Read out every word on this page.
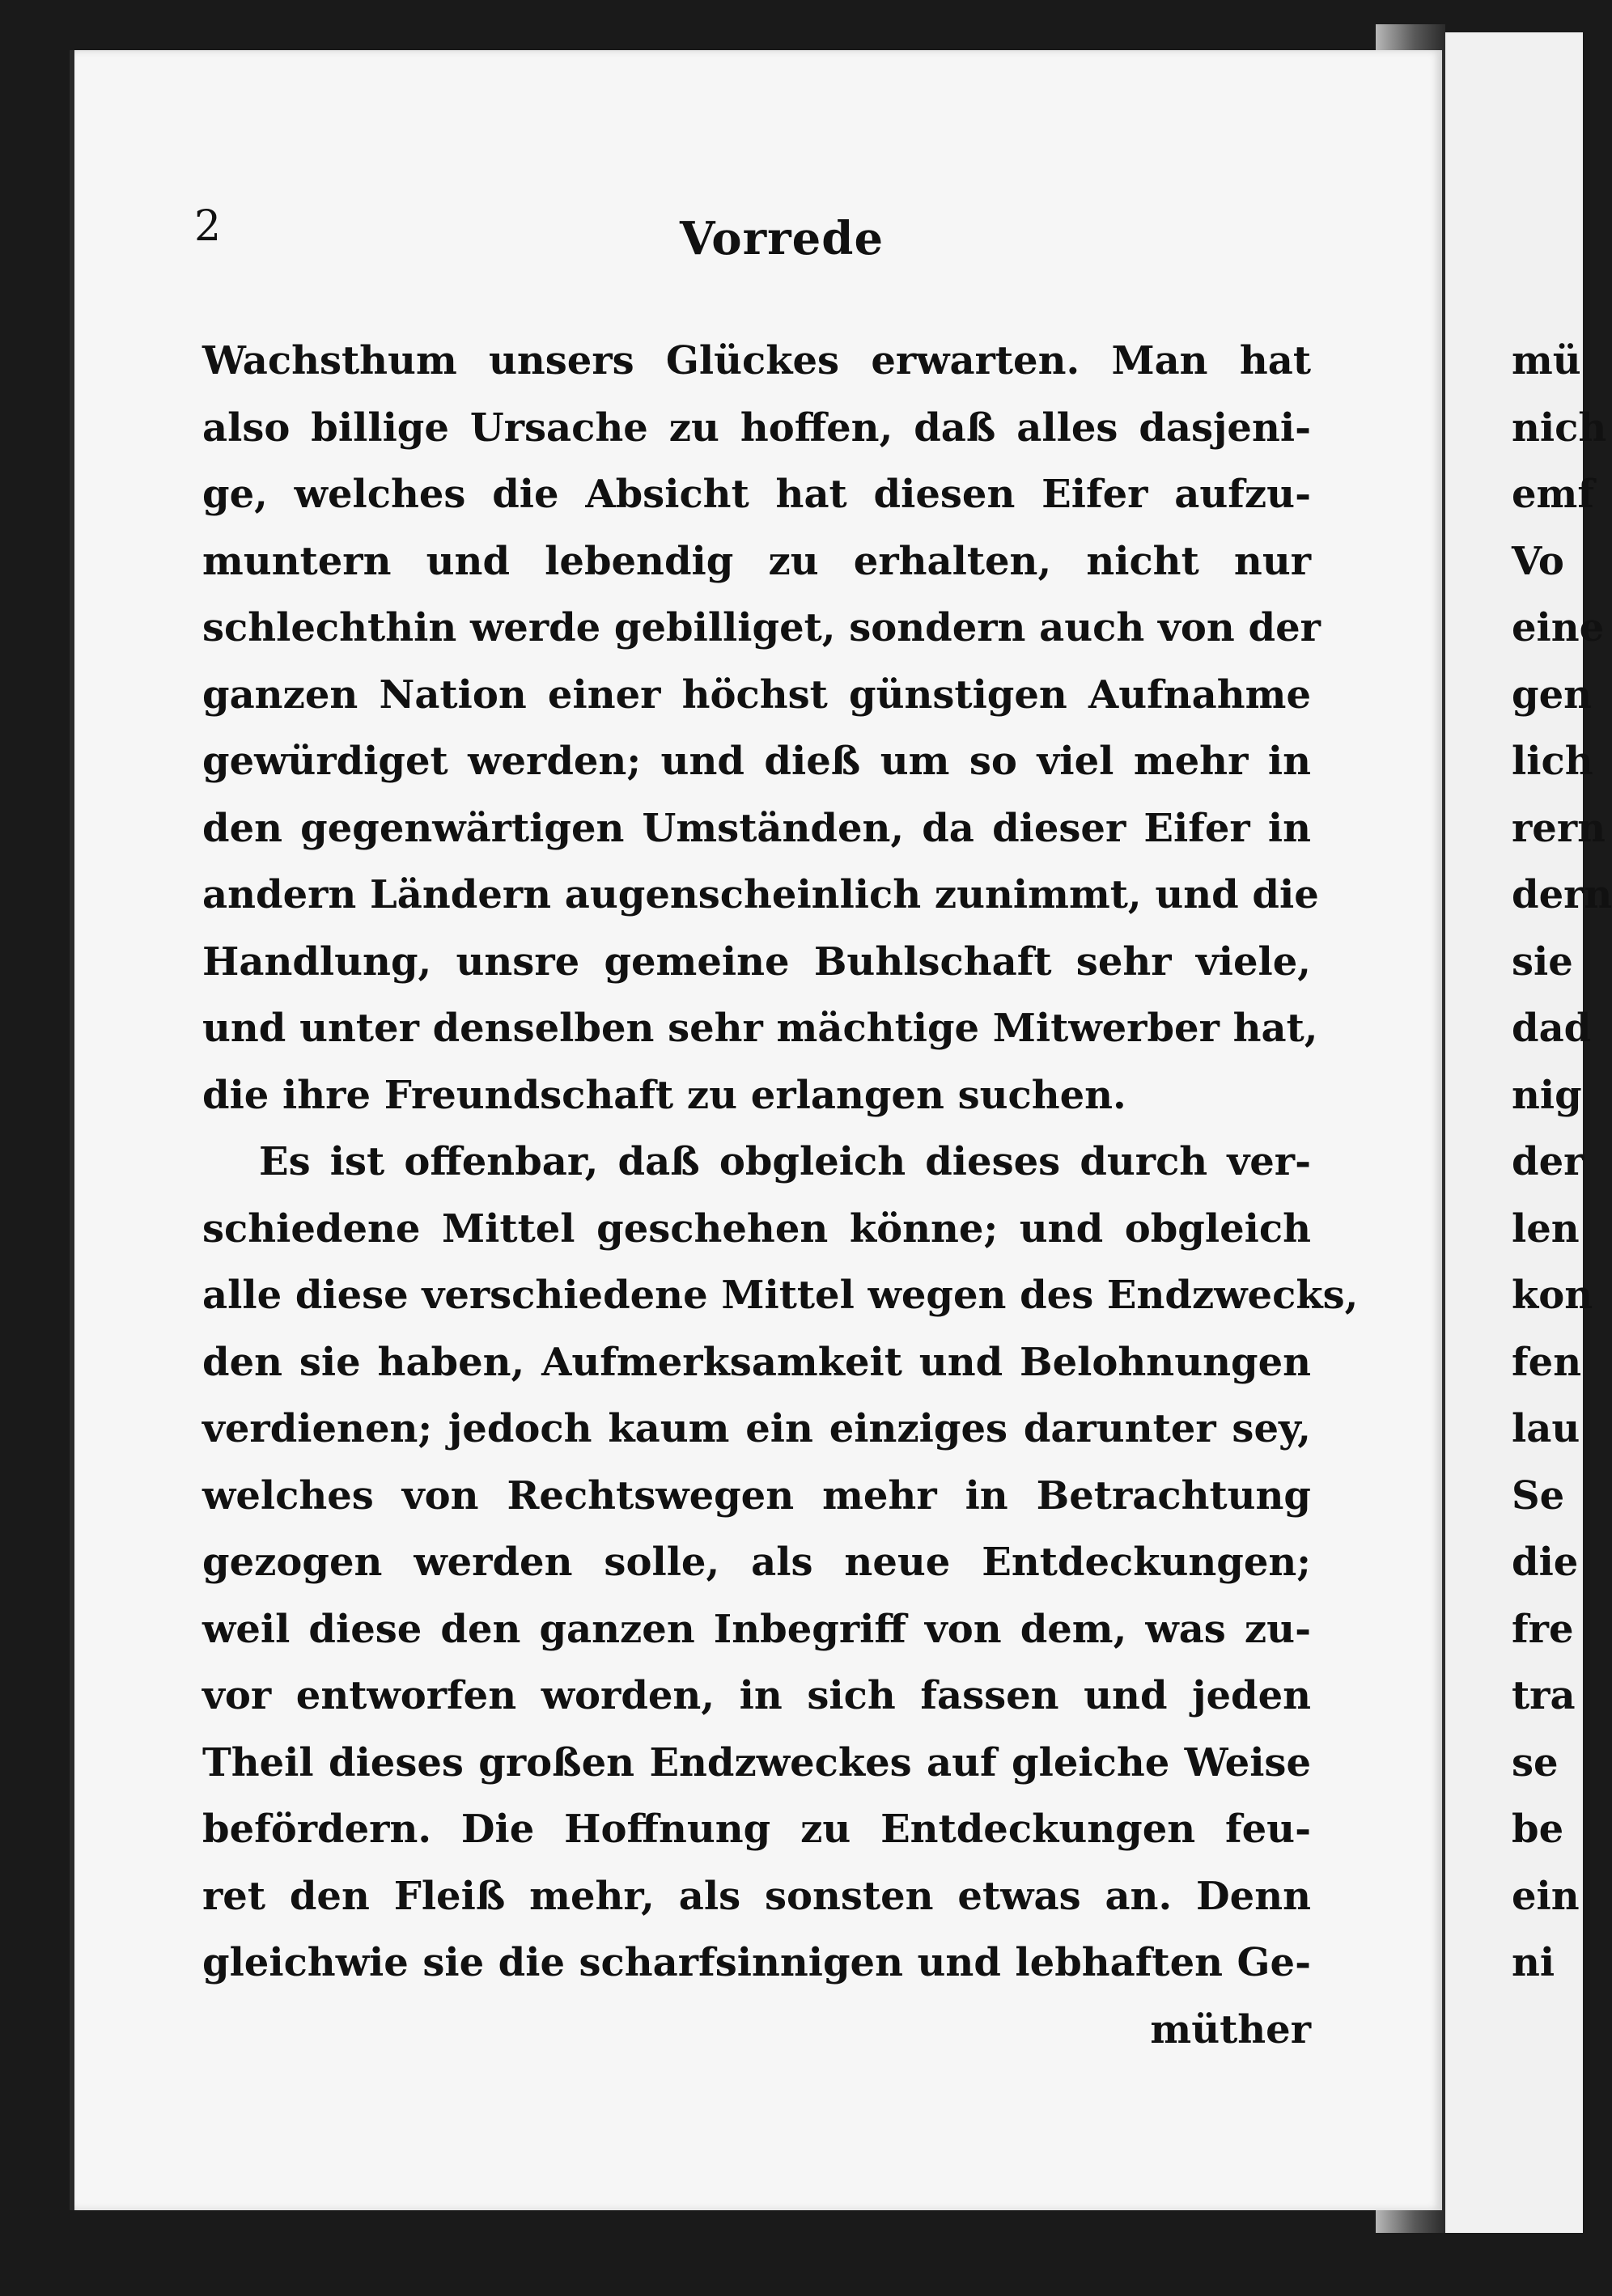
2	Vorrede
Wachsthum unsers Glückes erwarten. Man hat
also billige Ursache zu hoffen, daß alles dasjeni-
ge, welches die Absicht hat diesen Eifer aufzu-
muntern und lebendig zu erhalten, nicht nur
schlechthin werde gebilliget, sondern auch von der
ganzen Nation einer höchst günstigen Aufnahme
gewürdiget werden; und dieß um so viel mehr in
den gegenwärtigen Umständen, da dieser Eifer in
andern Ländern augenscheinlich zunimmt, und die
Handlung, unsre gemeine Buhlschaft sehr viele,
und unter denselben sehr mächtige Mitwerber hat,
die ihre Freundschaft zu erlangen suchen.
Es ist offenbar, daß obgleich dieses durch ver-
schiedene Mittel geschehen könne; und obgleich
alle diese verschiedene Mittel wegen des Endzwecks,
den sie haben, Aufmerksamkeit und Belohnungen
verdienen; jedoch kaum ein einziges darunter sey,
welches von Rechtswegen mehr in Betrachtung
gezogen werden solle, als neue Entdeckungen;
weil diese den ganzen Inbegriff von dem, was zu-
vor entworfen worden, in sich fassen und jeden
Theil dieses großen Endzweckes auf gleiche Weise
befördern. Die Hoffnung zu Entdeckungen feu-
ret den Fleiß mehr, als sonsten etwas an. Denn
gleichwie sie die scharfsinnigen und lebhaften Ge-
müther
mü
nich
emf
Vo
eine
gen
lich
rern
dern
sie
dad
nig
der
len
kon
fen
lau
Se
die
fre
tra
se
be
ein
ni
